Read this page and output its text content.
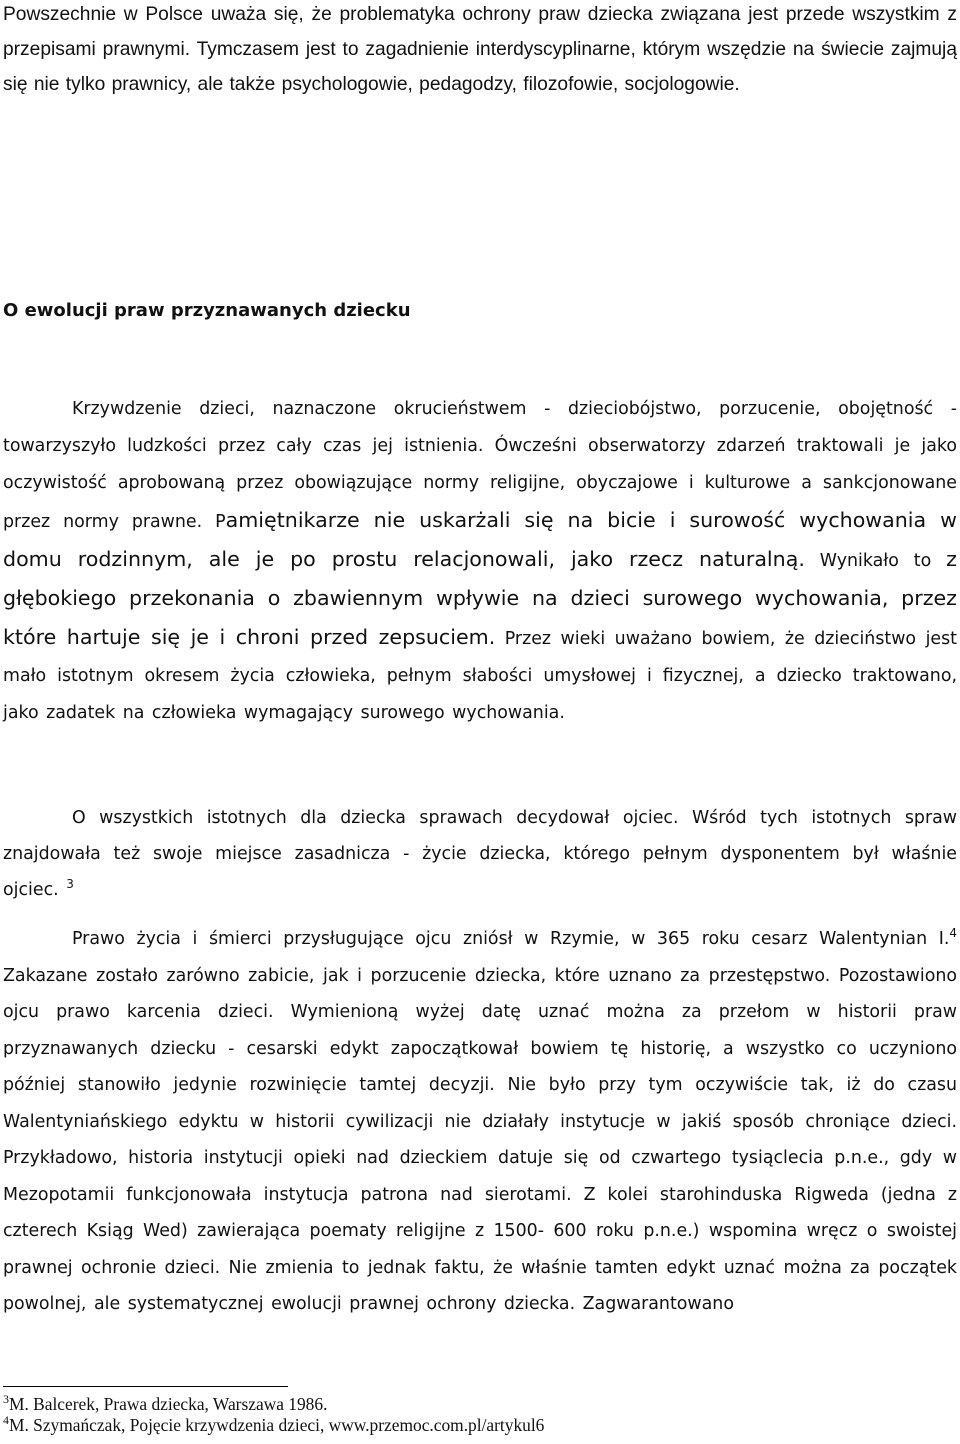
Powszechnie w Polsce uważa się, że problematyka ochrony praw dziecka związana jest przede wszystkim z przepisami prawnymi. Tymczasem jest to zagadnienie interdyscyplinarne, którym wszędzie na świecie zajmują się nie tylko prawnicy, ale także psychologowie, pedagodzy, filozofowie, socjologowie.

O ewolucji praw przyznawanych dziecku

Krzywdzenie dzieci, naznaczone okrucieństwem - dzieciobójstwo, porzucenie, obojętność - towarzyszyło ludzkości przez cały czas jej istnienia. Ówcześni obserwatorzy zdarzeń traktowali je jako oczywistość aprobowaną przez obowiązujące normy religijne, obyczajowe i kulturowe a sankcjonowane przez normy prawne. Pamiętnikarze nie uskarżali się na bicie i surowość wychowania w domu rodzinnym, ale je po prostu relacjonowali, jako rzecz naturalną. Wynikało to z głębokiego przekonania o zbawiennym wpływie na dzieci surowego wychowania, przez które hartuje się je i chroni przed zepsuciem. Przez wieki uważano bowiem, że dzieciństwo jest mało istotnym okresem życia człowieka, pełnym słabości umysłowej i fizycznej, a dziecko traktowano, jako zadatek na człowieka wymagający surowego wychowania.

O wszystkich istotnych dla dziecka sprawach decydował ojciec. Wśród tych istotnych spraw znajdowała też swoje miejsce zasadnicza - życie dziecka, którego pełnym dysponentem był właśnie ojciec. $^3$

Prawo życia i śmierci przysługujące ojcu zniósł w Rzymie, w 365 roku cesarz Walentynian I.$^4$ Zakazane zostało zarówno zabicie, jak i porzucenie dziecka, które uznano za przestępstwo. Pozostawiono ojcu prawo karcenia dzieci. Wymienioną wyżej datę uznać można za przełom w historii praw przyznawanych dziecku - cesarski edykt zapoczątkował bowiem tę historię, a wszystko co uczyniono później stanowiło jedynie rozwinięcie tamtej decyzji. Nie było przy tym oczywiście tak, iż do czasu Walentyniańskiego edyktu w historii cywilizacji nie działały instytucje w jakiś sposób chroniące dzieci. Przykładowo, historia instytucji opieki nad dzieckiem datuje się od czwartego tysiąclecia p.n.e., gdy w Mezopotamii funkcjonowała instytucja patrona nad sierotami. Z kolei starohinduska Rigweda (jedna z czterech Ksiąg Wed) zawierająca poematy religijne z 1500- 600 roku p.n.e.) wspomina wręcz o swoistej prawnej ochronie dzieci. Nie zmienia to jednak faktu, że właśnie tamten edykt uznać można za początek powolnej, ale systematycznej ewolucji prawnej ochrony dziecka. Zagwarantowano

$^3$M. Balcerek, Prawa dziecka, Warszawa 1986.

$^4$M. Szymańczak, Pojęcie krzywdzenia dzieci, www.przemoc.com.pl/artykul6
